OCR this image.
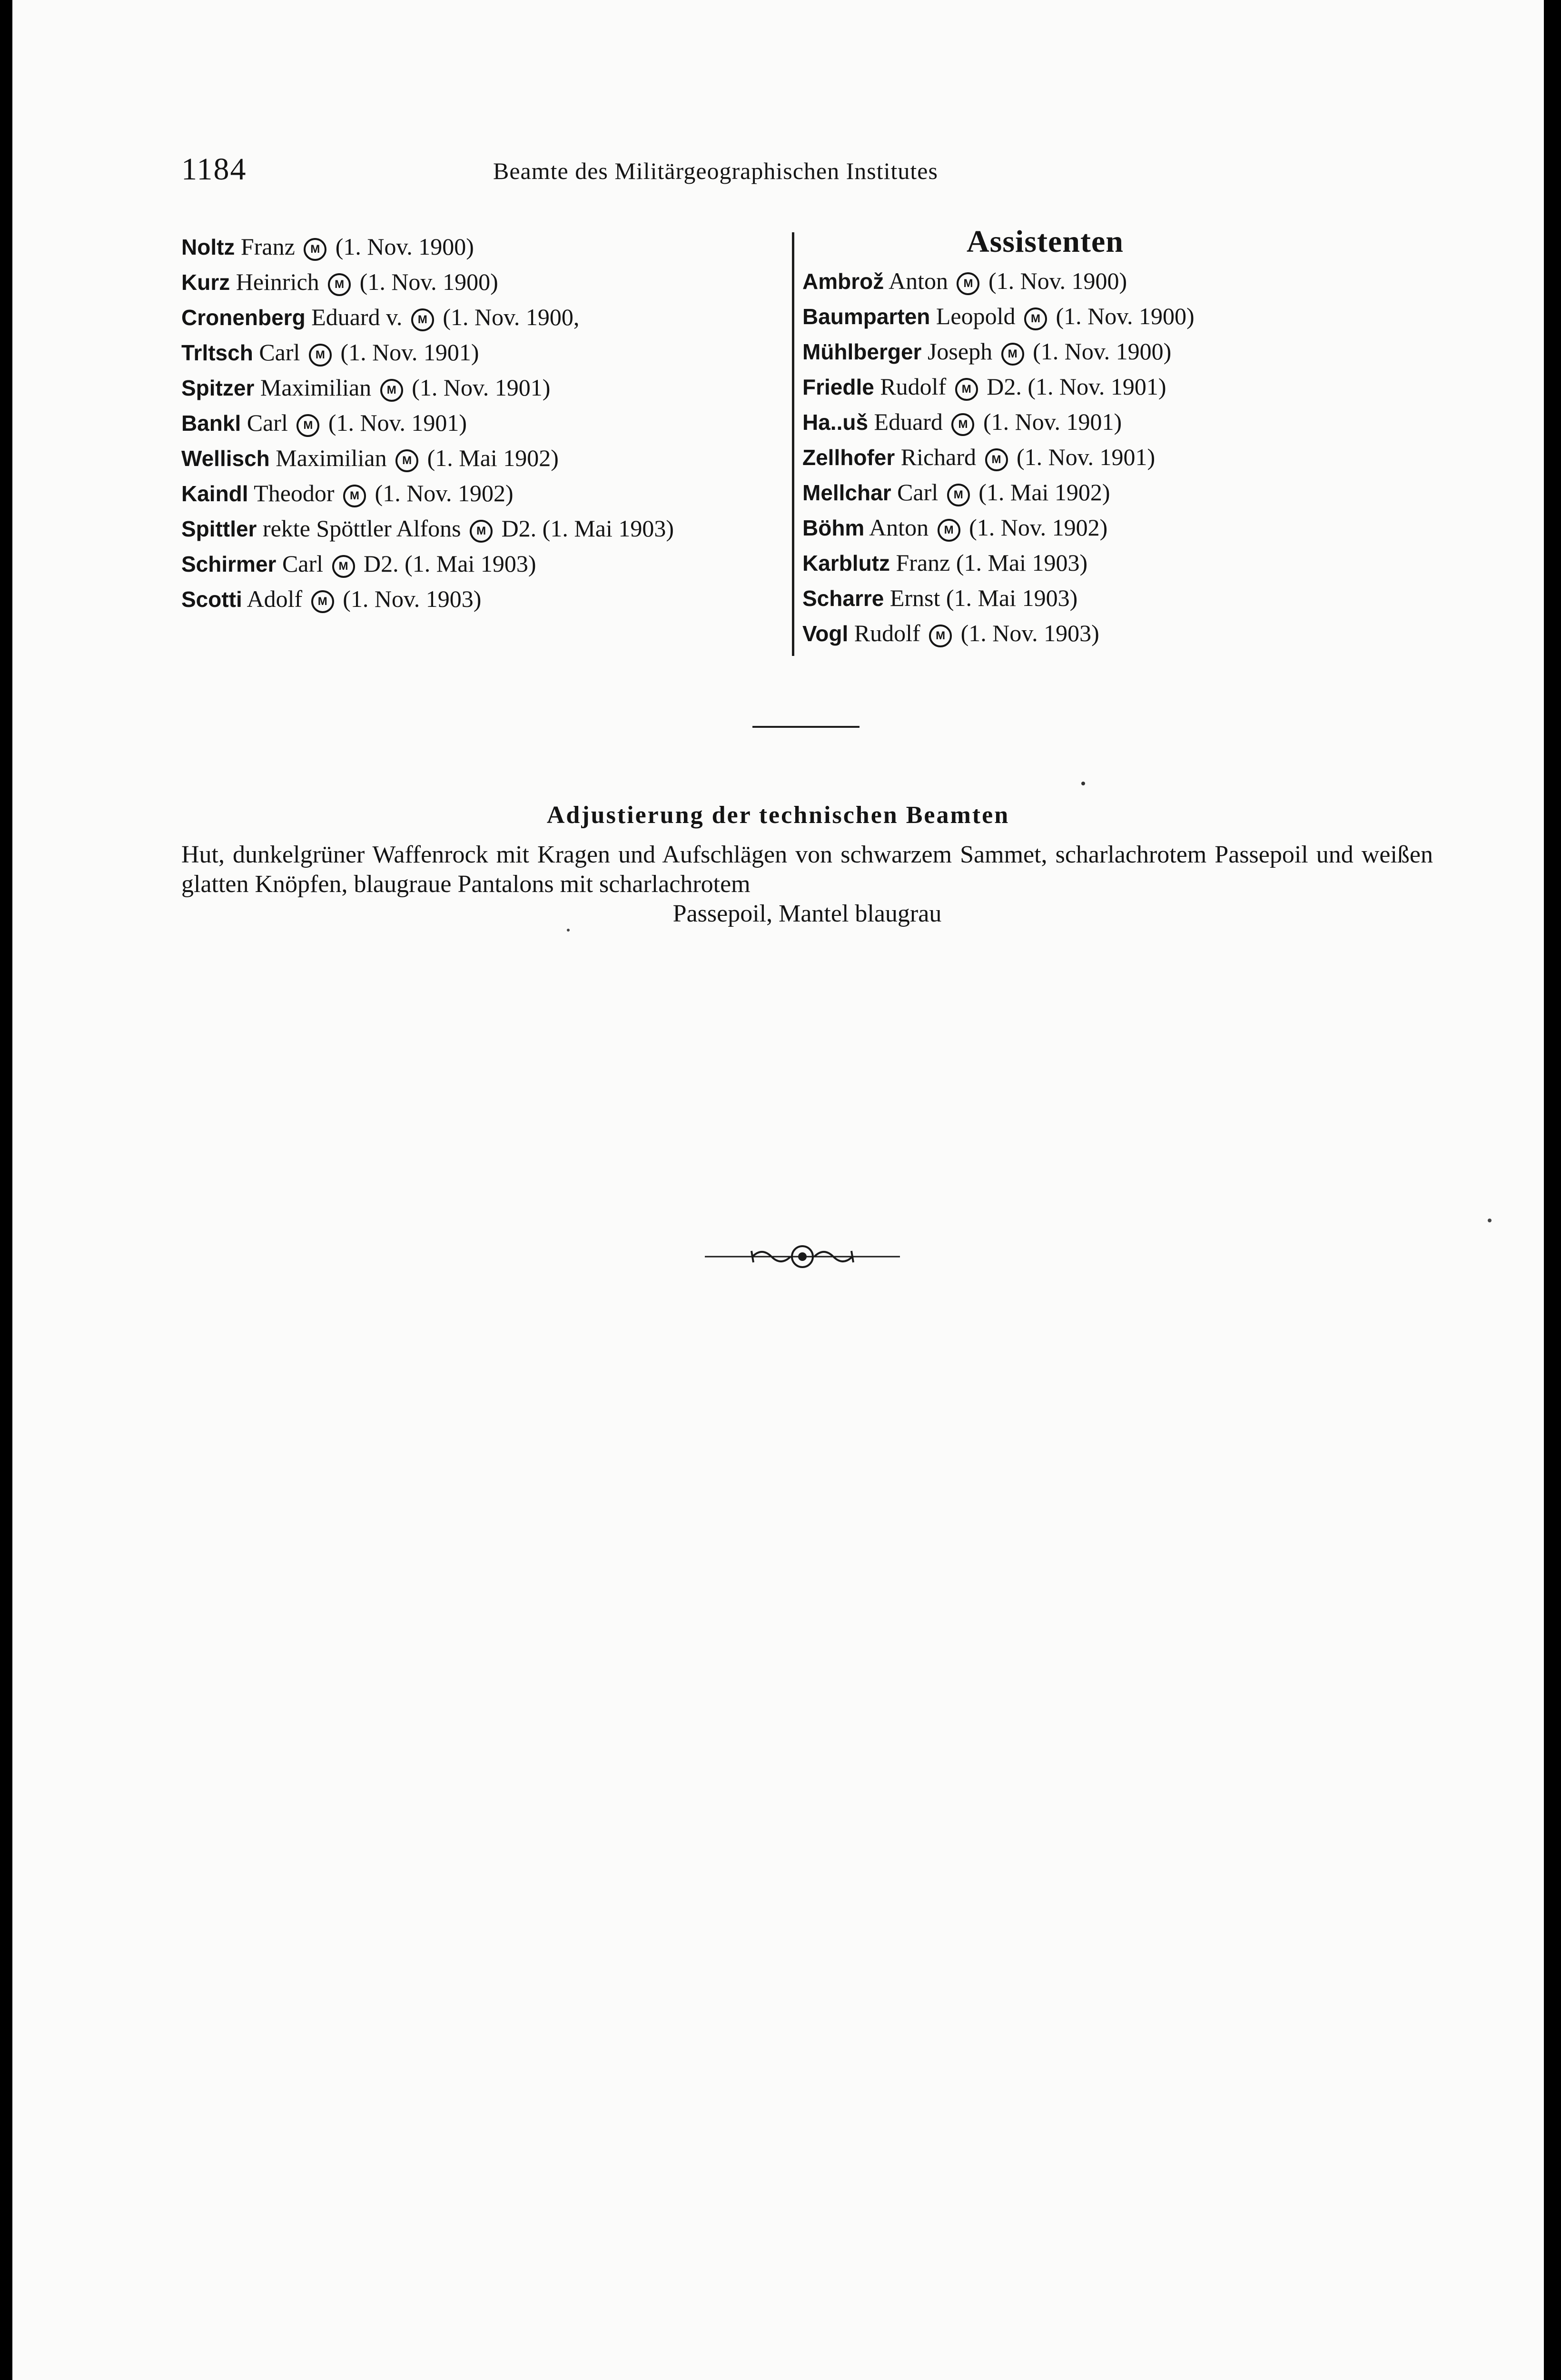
1184	Beamte des Militärgeographischen Institutes
Noltz Franz M (1. Nov. 1900)
Kurz Heinrich M (1. Nov. 1900)
Cronenberg Eduard v. M (1. Nov. 1900,
Trltsch Carl M (1. Nov. 1901)
Spitzer Maximilian M (1. Nov. 1901)
Bankl Carl M (1. Nov. 1901)
Wellisch Maximilian M (1. Mai 1902)
Kaindl Theodor M (1. Nov. 1902)
Spittler rekte Spöttler Alfons M D2. (1. Mai 1903)
Schirmer Carl M D2. (1. Mai 1903)
Scotti Adolf M (1. Nov. 1903)
Assistenten
Ambrož Anton M (1. Nov. 1900)
Baumparten Leopold M (1. Nov. 1900)
Mühlberger Joseph M (1. Nov. 1900)
Friedle Rudolf M D2. (1. Nov. 1901)
Ha..uš Eduard M (1. Nov. 1901)
Zellhofer Richard M (1. Nov. 1901)
Mellchar Carl M (1. Mai 1902)
Böhm Anton M (1. Nov. 1902)
Karblutz Franz (1. Mai 1903)
Scharre Ernst (1. Mai 1903)
Vogl Rudolf M (1. Nov. 1903)
Adjustierung der technischen Beamten
Hut, dunkelgrüner Waffenrock mit Kragen und Aufschlägen von schwarzem Sammet, scharlachrotem Passepoil und weißen glatten Knöpfen, blaugraue Pantalons mit scharlachrotem
Passepoil, Mantel blaugrau
